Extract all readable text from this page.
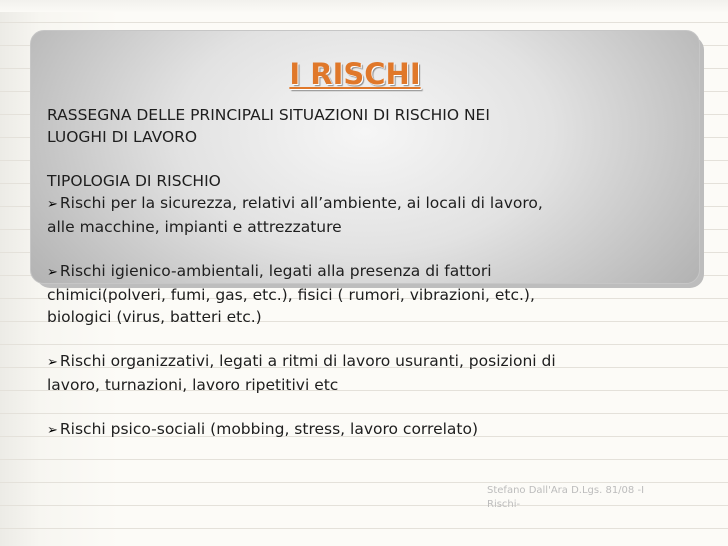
I RISCHI

RASSEGNA DELLE PRINCIPALI SITUAZIONI DI RISCHIO NEI

LUOGHI DI LAVORO

TIPOLOGIA DI RISCHIO

➢ Rischi per la sicurezza, relativi all’ambiente, ai locali di lavoro,

alle macchine, impianti e attrezzature

➢ Rischi igienico-ambientali, legati alla presenza di fattori

chimici(polveri, fumi, gas, etc.), fisici ( rumori, vibrazioni, etc.),

biologici (virus, batteri etc.)

➢ Rischi organizzativi, legati a ritmi di lavoro usuranti, posizioni di

lavoro, turnazioni, lavoro ripetitivi etc

➢ Rischi psico-sociali (mobbing, stress, lavoro correlato)

Stefano Dall'Ara D.Lgs. 81/08 -I
Rischi-
